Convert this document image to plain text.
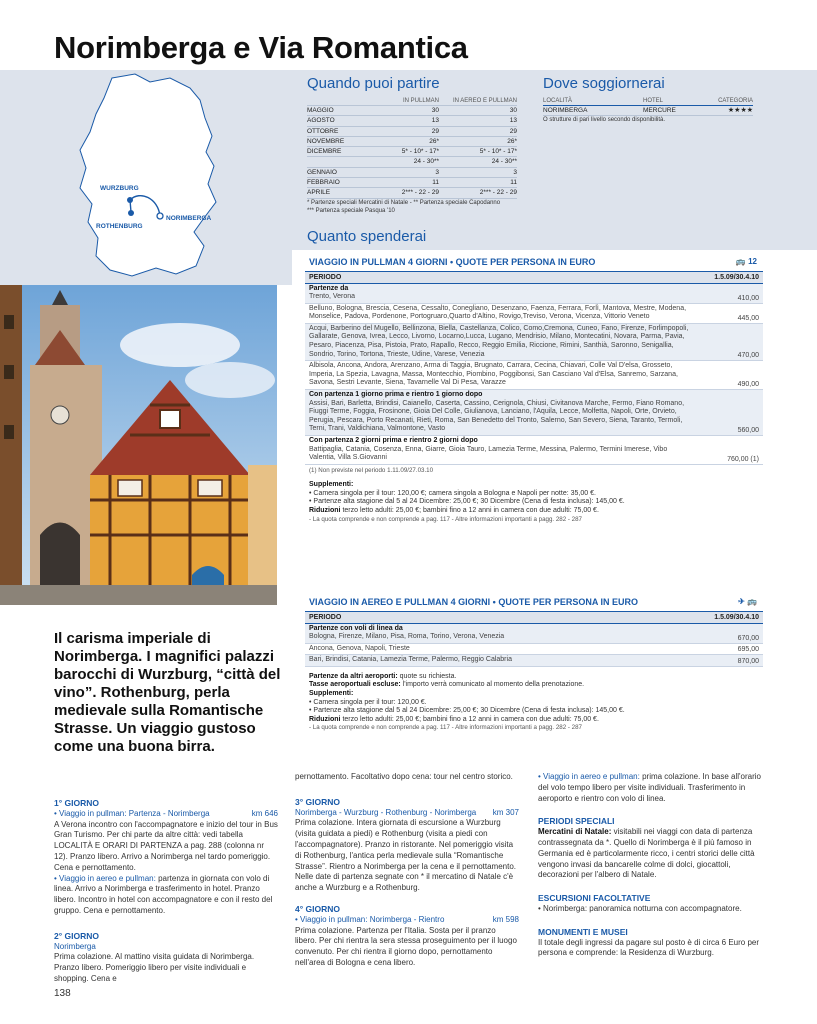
Norimberga e Via Romantica
WURZBURG
NORIMBERGA
ROTHENBURG
Quando puoi partire
IN PULLMAN	IN AEREO E PULLMAN
MAGGIO	30	30
AGOSTO	13	13
OTTOBRE	29	29
NOVEMBRE	26*	26*
DICEMBRE	5* - 10* - 17*	5* - 10* - 17*
24 - 30**	24 - 30**
GENNAIO	3	3
FEBBRAIO	11	11
APRILE	2*** - 22 - 29	2*** - 22 - 29
* Partenze speciali Mercatini di Natale - ** Partenza speciale Capodanno
*** Partenza speciale Pasqua '10
Dove soggiornerai
LOCALITÀ	HOTEL	CATEGORIA
NORIMBERGA	MERCURE	★★★★
O strutture di pari livello secondo disponibilità.
Quanto spenderai
VIAGGIO IN PULLMAN 4 GIORNI • QUOTE PER PERSONA IN EURO	🚌 12
PERIODO	1.5.09/30.4.10
Partenze da
Trento, Verona	410,00
Belluno, Bologna, Brescia, Cesena, Cessalto, Conegliano, Desenzano, Faenza, Ferrara, Forlì, Mantova, Mestre, Modena, Monselice, Padova, Pordenone, Portogruaro,Quarto d'Altino, Rovigo,Treviso, Verona, Vicenza, Vittorio Veneto	445,00
Acqui, Barberino del Mugello, Bellinzona, Biella, Castellanza, Colico, Como,Cremona, Cuneo, Fano, Firenze, Forlimpopoli, Gallarate, Genova, Ivrea, Lecco, Livorno, Locarno,Lucca, Lugano, Mendrisio, Milano, Montecatini, Novara, Parma, Pavia, Pesaro, Piacenza, Pisa, Pistoia, Prato, Rapallo, Recco, Reggio Emilia, Riccione, Rimini, Santhià, Saronno, Senigallia, Sondrio, Torino, Tortona, Trieste, Udine, Varese, Venezia	470,00
Albisola, Ancona, Andora, Arenzano, Arma di Taggia, Brugnato, Carrara, Cecina, Chiavari, Colle Val D'elsa, Grosseto, Imperia, La Spezia, Lavagna, Massa, Montecchio, Piombino, Poggibonsi, San Casciano Val d'Elsa, Sanremo, Sarzana, Savona, Sestri Levante, Siena, Tavarnelle Val Di Pesa, Varazze	490,00
Con partenza 1 giorno prima e rientro 1 giorno dopo
Assisi, Bari, Barletta, Brindisi, Caianello, Caserta, Cassino, Cerignola, Chiusi, Civitanova Marche, Fermo, Fiano Romano, Fiuggi Terme, Foggia, Frosinone, Gioia Del Colle, Giulianova, Lanciano, l'Aquila, Lecce, Molfetta, Napoli, Orte, Orvieto, Perugia, Pescara, Porto Recanati, Rieti, Roma, San Benedetto del Tronto, Salerno, San Severo, Siena, Taranto, Termoli, Terni, Trani, Valdichiana, Valmontone, Vasto	560,00
Con partenza 2 giorni prima e rientro 2 giorni dopo
Battipaglia, Catania, Cosenza, Enna, Giarre, Gioia Tauro, Lamezia Terme, Messina, Palermo, Termini Imerese, Vibo Valentia, Villa S.Giovanni	760,00 (1)
(1) Non previste nel periodo 1.11.09/27.03.10
Supplementi:
• Camera singola per il tour: 120,00 €; camera singola a Bologna e Napoli per notte: 35,00 €.
• Partenze alta stagione dal 5 al 24 Dicembre: 25,00 €; 30 Dicembre (Cena di festa inclusa): 145,00 €.
Riduzioni terzo letto adulti: 25,00 €; bambini fino a 12 anni in camera con due adulti: 75,00 €.
- La quota comprende e non comprende a pag. 117 - Altre informazioni importanti a pagg. 282 - 287
VIAGGIO IN AEREO E PULLMAN 4 GIORNI • QUOTE PER PERSONA IN EURO	✈ 🚌
PERIODO	1.5.09/30.4.10
Partenze con voli di linea da
Bologna, Firenze, Milano, Pisa, Roma, Torino, Verona, Venezia	670,00
Ancona, Genova, Napoli, Trieste	695,00
Bari, Brindisi, Catania, Lamezia Terme, Palermo, Reggio Calabria	870,00
Partenze da altri aeroporti: quote su richiesta.
Tasse aeroportuali escluse: l'importo verrà comunicato al momento della prenotazione.
Supplementi:
• Camera singola per il tour: 120,00 €.
• Partenze alta stagione dal 5 al 24 Dicembre: 25,00 €; 30 Dicembre (Cena di festa inclusa): 145,00 €.
Riduzioni terzo letto adulti: 25,00 €; bambini fino a 12 anni in camera con due adulti: 75,00 €.
- La quota comprende e non comprende a pag. 117 - Altre informazioni importanti a pagg. 282 - 287
Il carisma imperiale di Norimberga. I magnifici palazzi barocchi di Wurzburg, “città del vino”. Rothenburg, perla medievale sulla Romantische Strasse. Un viaggio gustoso come una buona birra.
1° GIORNO
• Viaggio in pullman: Partenza - Norimberga	km 646
A Verona incontro con l'accompagnatore e inizio del tour in Bus Gran Turismo. Per chi parte da altre città: vedi tabella LOCALITÀ E ORARI DI PARTENZA a pag. 288 (colonna nr 12). Pranzo libero. Arrivo a Norimberga nel tardo pomeriggio. Cena e pernottamento.
• Viaggio in aereo e pullman: partenza in giornata con volo di linea. Arrivo a Norimberga e trasferimento in hotel. Pranzo libero. Incontro in hotel con accompagnatore e con il resto del gruppo. Cena e pernottamento.
2° GIORNO
Norimberga
Prima colazione. Al mattino visita guidata di Norimberga. Pranzo libero. Pomeriggio libero per visite individuali e shopping. Cena e
pernottamento. Facoltativo dopo cena: tour nel centro storico.
3° GIORNO
Norimberga - Wurzburg - Rothenburg - Norimberga km 307
Prima colazione. Intera giornata di escursione a Wurzburg (visita guidata a piedi) e Rothenburg (visita a piedi con l'accompagnatore). Pranzo in ristorante. Nel pomeriggio visita di Rothenburg, l'antica perla medievale sulla “Romantische Strasse”. Rientro a Norimberga per la cena e il pernottamento. Nelle date di partenza segnate con * il mercatino di Natale c'è anche a Wurzburg e a Rothenburg.
4° GIORNO
• Viaggio in pullman: Norimberga - Rientro	km 598
Prima colazione. Partenza per l'Italia. Sosta per il pranzo libero. Per chi rientra la sera stessa proseguimento per il luogo convenuto. Per chi rientra il giorno dopo, pernottamento nell'area di Bologna e cena libero.
• Viaggio in aereo e pullman: prima colazione. In base all'orario del volo tempo libero per visite individuali. Trasferimento in aeroporto e rientro con volo di linea.
PERIODI SPECIALI
Mercatini di Natale: visitabili nei viaggi con data di partenza contrassegnata da *. Quello di Norimberga è il più famoso in Germania ed è particolarmente ricco, i centri storici delle città vengono invasi da bancarelle colme di dolci, giocattoli, decorazioni per l'albero di Natale.
ESCURSIONI FACOLTATIVE
• Norimberga: panoramica notturna con accompagnatore.
MONUMENTI E MUSEI
Il totale degli ingressi da pagare sul posto è di circa 6 Euro per persona e comprende: la Residenza di Wurzburg.
138
